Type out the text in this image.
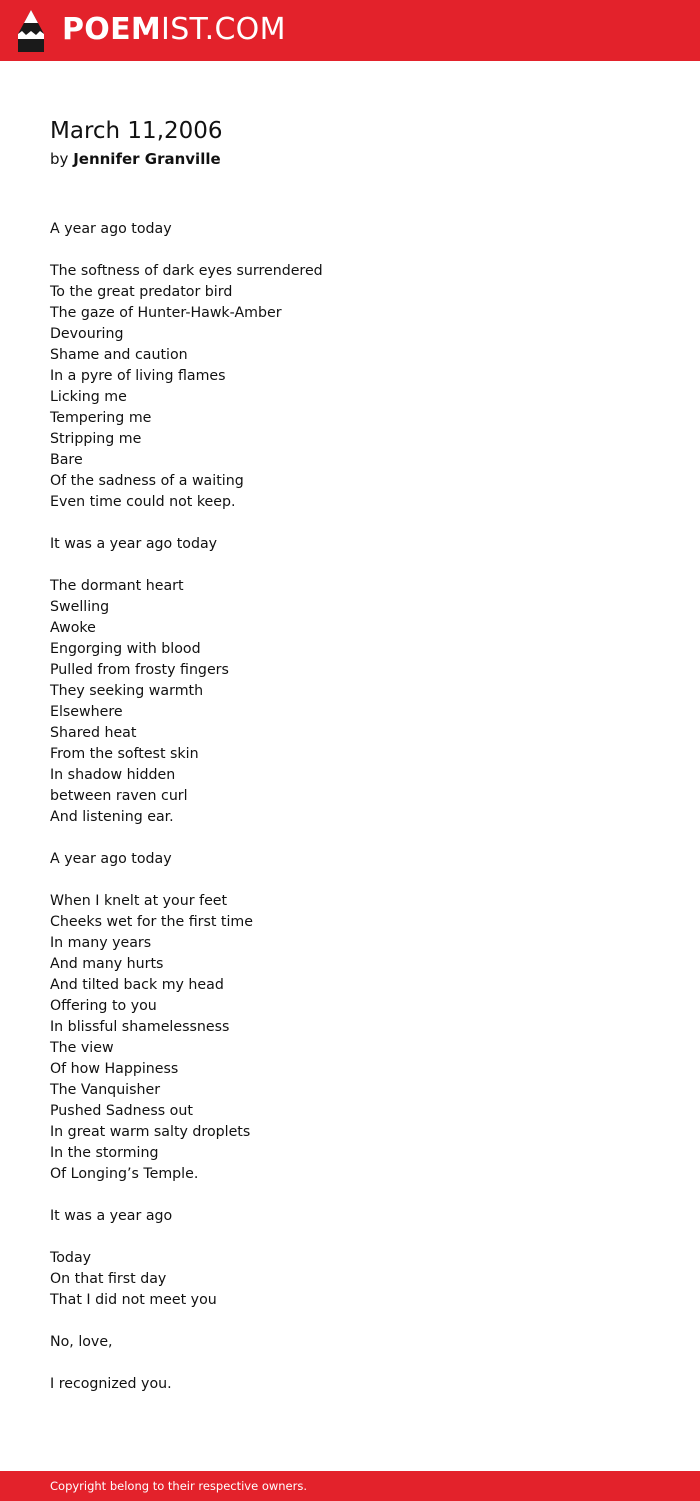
POEMIST.COM
March 11,2006
by Jennifer Granville
A year ago today
The softness of dark eyes surrendered
To the great predator bird
The gaze of Hunter-Hawk-Amber
Devouring
Shame and caution
In a pyre of living flames
Licking me
Tempering me
Stripping me
Bare
Of the sadness of a waiting
Even time could not keep.
It was a year ago today
The dormant heart
Swelling
Awoke
Engorging with blood
Pulled from frosty fingers
They seeking warmth
Elsewhere
Shared heat
From the softest skin
In shadow hidden
between raven curl
And listening ear.
A year ago today
When I knelt at your feet
Cheeks wet for the first time
In many years
And many hurts
And tilted back my head
Offering to you
In blissful shamelessness
The view
Of how Happiness
The Vanquisher
Pushed Sadness out
In great warm salty droplets
In the storming
Of Longing’s Temple.
It was a year ago
Today
On that first day
That I did not meet you
No, love,
I recognized you.
Copyright belong to their respective owners.
